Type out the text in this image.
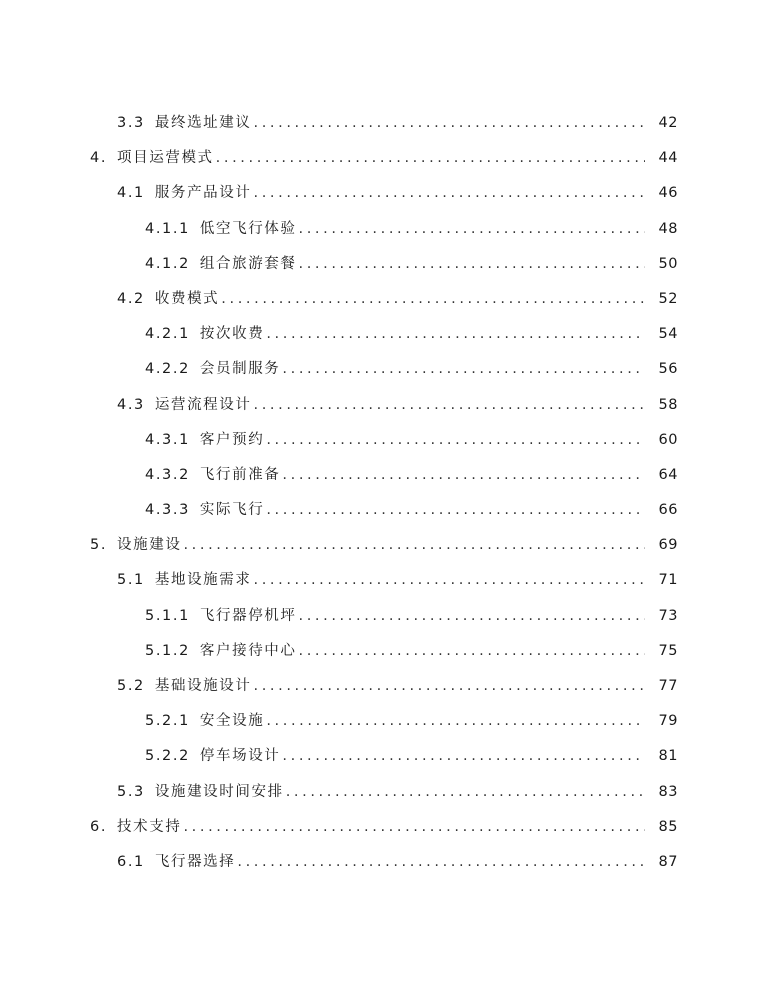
3.3 最终选址建议 .....	42
4. 项目运营模式 .....	44
4.1 服务产品设计 .....	46
4.1.1 低空飞行体验 .....	48
4.1.2 组合旅游套餐 .....	50
4.2 收费模式 .....	52
4.2.1 按次收费 .....	54
4.2.2 会员制服务 .....	56
4.3 运营流程设计 .....	58
4.3.1 客户预约 .....	60
4.3.2 飞行前准备 .....	64
4.3.3 实际飞行 .....	66
5. 设施建设 .....	69
5.1 基地设施需求 .....	71
5.1.1 飞行器停机坪 .....	73
5.1.2 客户接待中心 .....	75
5.2 基础设施设计 .....	77
5.2.1 安全设施 .....	79
5.2.2 停车场设计 .....	81
5.3 设施建设时间安排 .....	83
6. 技术支持 .....	85
6.1 飞行器选择 .....	87
